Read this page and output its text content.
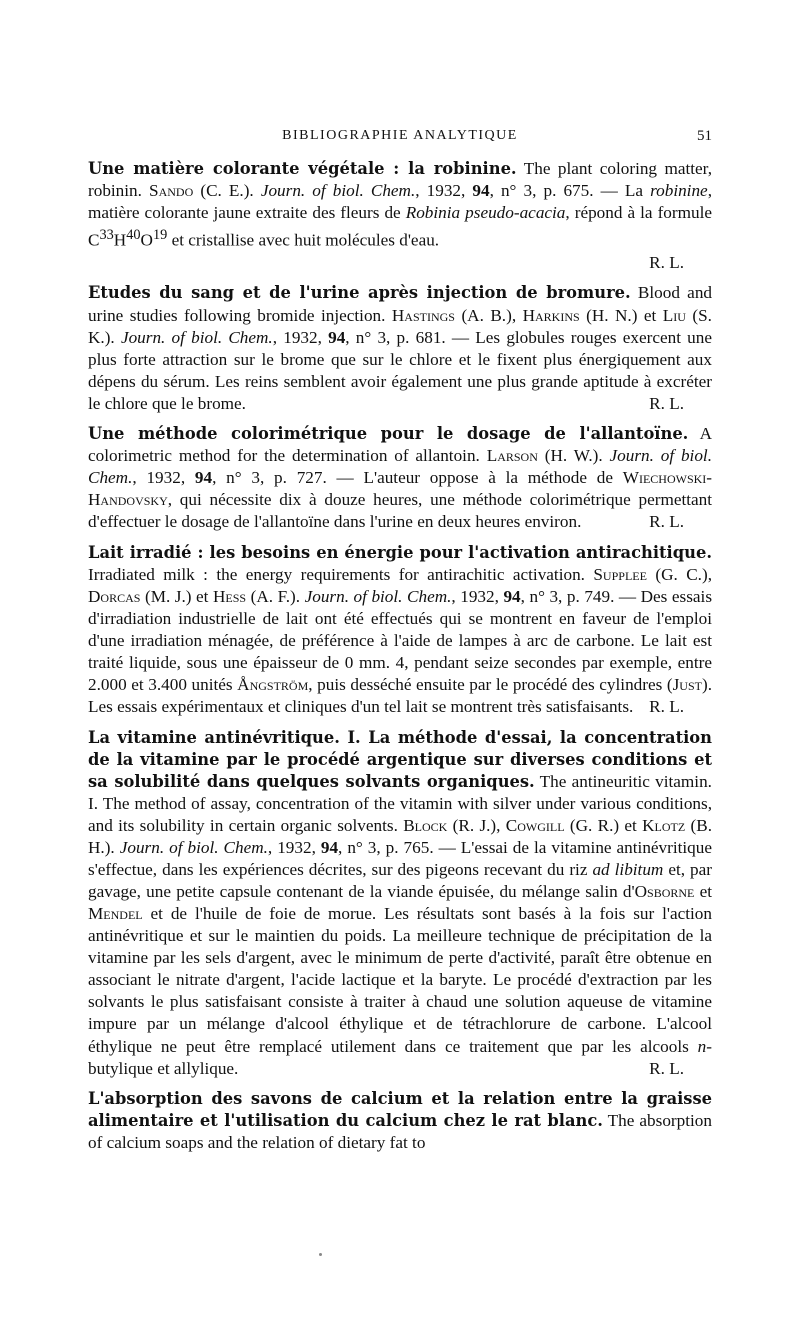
BIBLIOGRAPHIE ANALYTIQUE	51

Une matière colorante végétale : la robinine. The plant coloring matter, robinin. Sando (C. E.). Journ. of biol. Chem., 1932, 94, n° 3, p. 675. — La robinine, matière colorante jaune extraite des fleurs de Robinia pseudo-acacia, répond à la formule $C^{33}H^{40}O^{19}$ et cristallise avec huit molécules d'eau.

R. L.

Etudes du sang et de l'urine après injection de bromure. Blood and urine studies following bromide injection. Hastings (A. B.), Harkins (H. N.) et Liu (S. K.). Journ. of biol. Chem., 1932, 94, n° 3, p. 681. — Les globules rouges exercent une plus forte attraction sur le brome que sur le chlore et le fixent plus énergiquement aux dépens du sérum. Les reins semblent avoir également une plus grande aptitude à excréter le chlore que le brome.	R. L.

Une méthode colorimétrique pour le dosage de l'allantoïne. A colorimetric method for the determination of allantoin. Larson (H. W.). Journ. of biol. Chem., 1932, 94, n° 3, p. 727. — L'auteur oppose à la méthode de Wiechowski-Handovsky, qui nécessite dix à douze heures, une méthode colorimétrique permettant d'effectuer le dosage de l'allantoïne dans l'urine en deux heures environ.	R. L.

Lait irradié : les besoins en énergie pour l'activation antirachitique. Irradiated milk : the energy requirements for antirachitic activation. Supplee (G. C.), Dorcas (M. J.) et Hess (A. F.). Journ. of biol. Chem., 1932, 94, n° 3, p. 749. — Des essais d'irradiation industrielle de lait ont été effectués qui se montrent en faveur de l'emploi d'une irradiation ménagée, de préférence à l'aide de lampes à arc de carbone. Le lait est traité liquide, sous une épaisseur de 0 mm. 4, pendant seize secondes par exemple, entre 2.000 et 3.400 unités Ångström, puis desséché ensuite par le procédé des cylindres (Just). Les essais expérimentaux et cliniques d'un tel lait se montrent très satisfaisants. R. L.

La vitamine antinévritique. I. La méthode d'essai, la concentration de la vitamine par le procédé argentique sur diverses conditions et sa solubilité dans quelques solvants organiques. The antineuritic vitamin. I. The method of assay, concentration of the vitamin with silver under various conditions, and its solubility in certain organic solvents. Block (R. J.), Cowgill (G. R.) et Klotz (B. H.). Journ. of biol. Chem., 1932, 94, n° 3, p. 765. — L'essai de la vitamine antinévritique s'effectue, dans les expériences décrites, sur des pigeons recevant du riz ad libitum et, par gavage, une petite capsule contenant de la viande épuisée, du mélange salin d'Osborne et Mendel et de l'huile de foie de morue. Les résultats sont basés à la fois sur l'action antinévritique et sur le maintien du poids. La meilleure technique de précipitation de la vitamine par les sels d'argent, avec le minimum de perte d'activité, paraît être obtenue en associant le nitrate d'argent, l'acide lactique et la baryte. Le procédé d'extraction par les solvants le plus satisfaisant consiste à traiter à chaud une solution aqueuse de vitamine impure par un mélange d'alcool éthylique et de tétrachlorure de carbone. L'alcool éthylique ne peut être remplacé utilement dans ce traitement que par les alcools n-butylique et allylique.	R. L.

L'absorption des savons de calcium et la relation entre la graisse alimentaire et l'utilisation du calcium chez le rat blanc. The absorption of calcium soaps and the relation of dietary fat to
